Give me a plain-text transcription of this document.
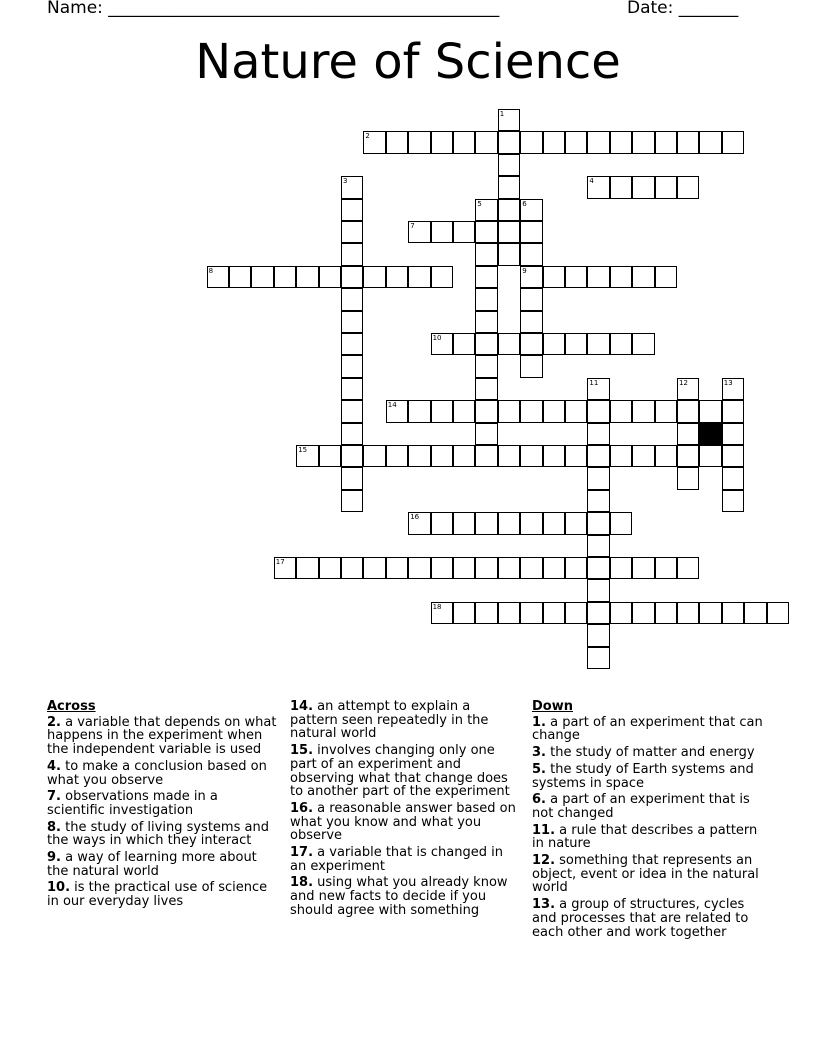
Name: ______________________________________________	Date: _______
Nature of Science
1
2
3	4
5	6
9
7
8
10
11	12	13
14
15
16
17
18
Across
2. a variable that depends on what happens in the experiment when the independent variable is used
4. to make a conclusion based on what you observe
7. observations made in a scientific investigation
8. the study of living systems and the ways in which they interact
9. a way of learning more about the natural world
10. is the practical use of science in our everyday lives
14. an attempt to explain a pattern seen repeatedly in the natural world
15. involves changing only one part of an experiment and observing what that change does to another part of the experiment
16. a reasonable answer based on what you know and what you observe
17. a variable that is changed in an experiment
18. using what you already know and new facts to decide if you should agree with something
Down
1. a part of an experiment that can change
3. the study of matter and energy
5. the study of Earth systems and systems in space
6. a part of an experiment that is not changed
11. a rule that describes a pattern in nature
12. something that represents an object, event or idea in the natural world
13. a group of structures, cycles and processes that are related to each other and work together
